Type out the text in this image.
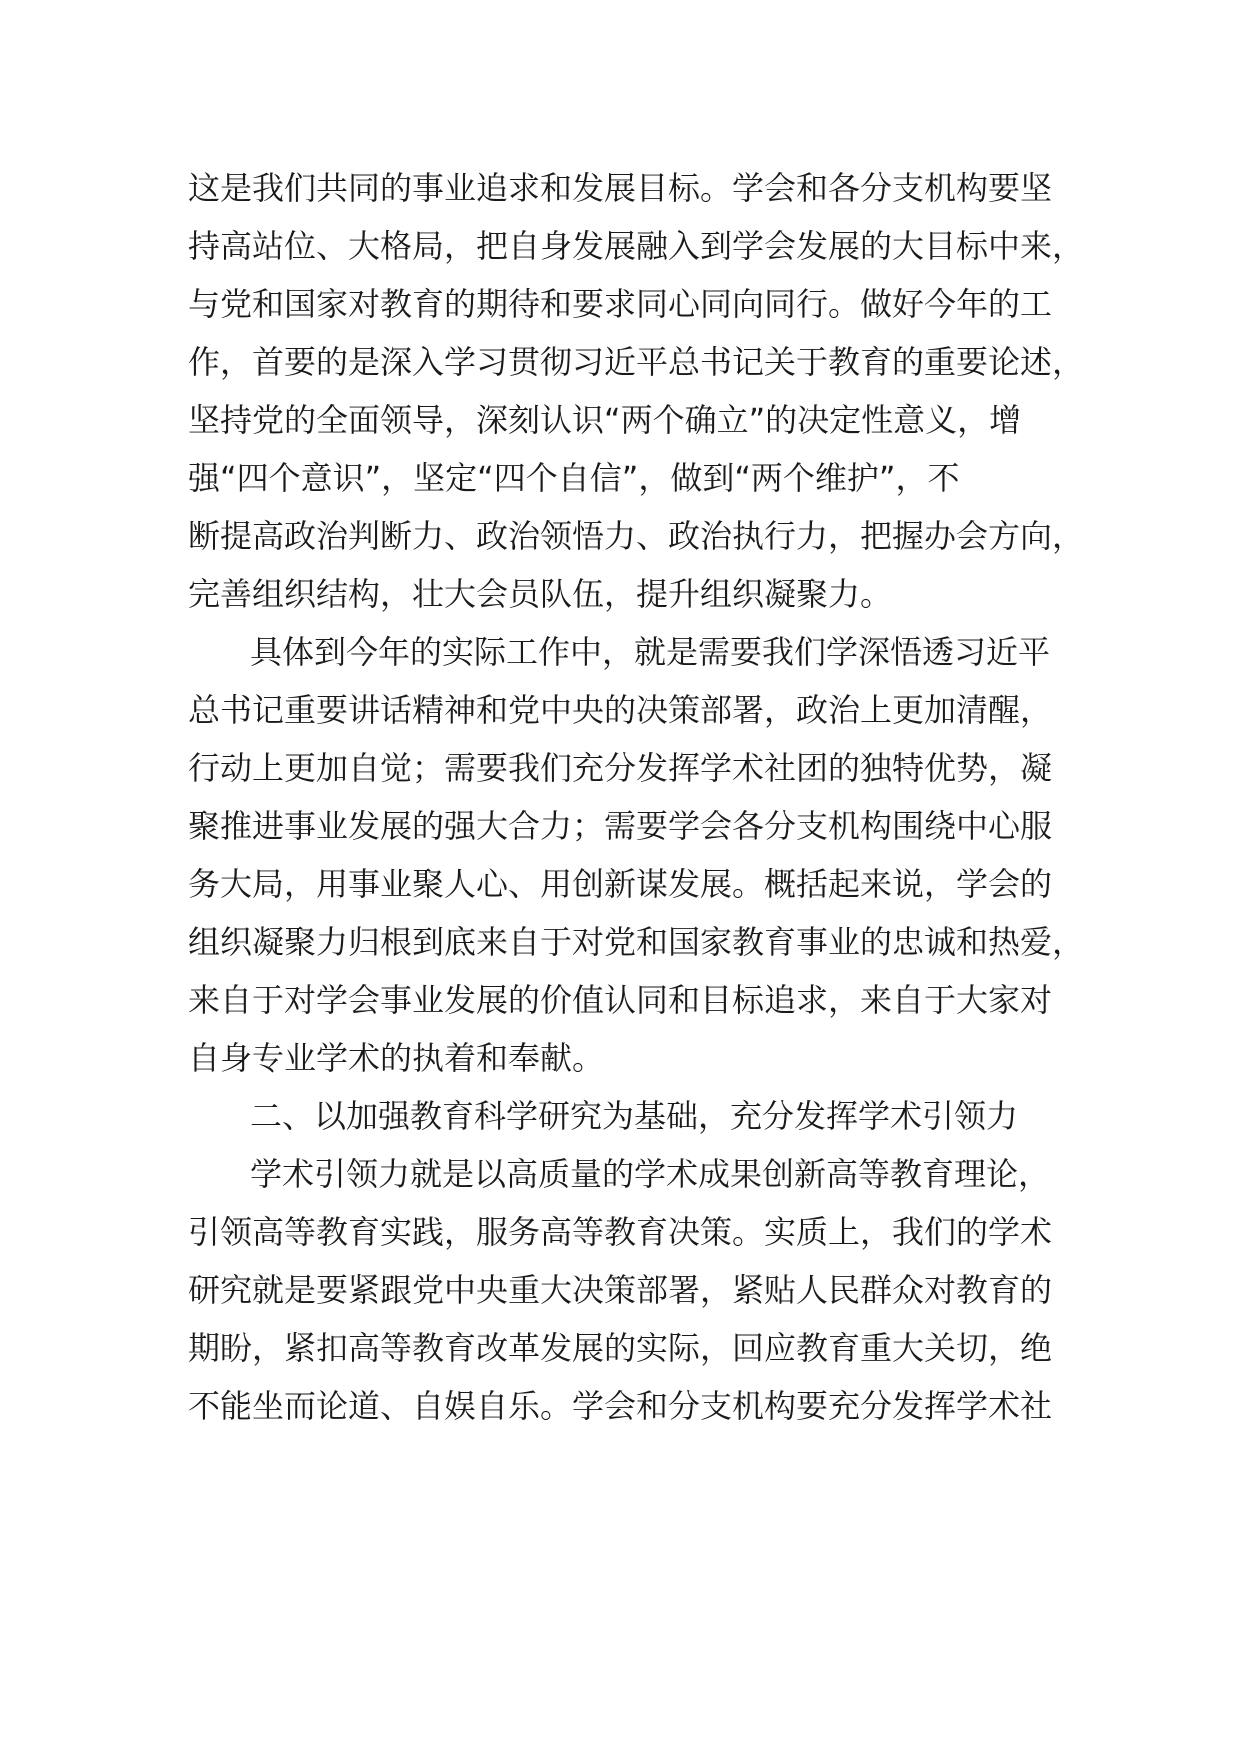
这是我们共同的事业追求和发展目标。学会和各分支机构要坚
持高站位、大格局，把自身发展融入到学会发展的大目标中来，
与党和国家对教育的期待和要求同心同向同行。做好今年的工
作，首要的是深入学习贯彻习近平总书记关于教育的重要论述，
坚持党的全面领导，深刻认识“两个确立”的决定性意义，增
强“四个意识”，坚定“四个自信”，做到“两个维护”，不
断提高政治判断力、政治领悟力、政治执行力，把握办会方向，
完善组织结构，壮大会员队伍，提升组织凝聚力。
具体到今年的实际工作中，就是需要我们学深悟透习近平
总书记重要讲话精神和党中央的决策部署，政治上更加清醒，
行动上更加自觉；需要我们充分发挥学术社团的独特优势，凝
聚推进事业发展的强大合力；需要学会各分支机构围绕中心服
务大局，用事业聚人心、用创新谋发展。概括起来说，学会的
组织凝聚力归根到底来自于对党和国家教育事业的忠诚和热爱，
来自于对学会事业发展的价值认同和目标追求，来自于大家对
自身专业学术的执着和奉献。
二、以加强教育科学研究为基础，充分发挥学术引领力
学术引领力就是以高质量的学术成果创新高等教育理论，
引领高等教育实践，服务高等教育决策。实质上，我们的学术
研究就是要紧跟党中央重大决策部署，紧贴人民群众对教育的
期盼，紧扣高等教育改革发展的实际，回应教育重大关切，绝
不能坐而论道、自娱自乐。学会和分支机构要充分发挥学术社
